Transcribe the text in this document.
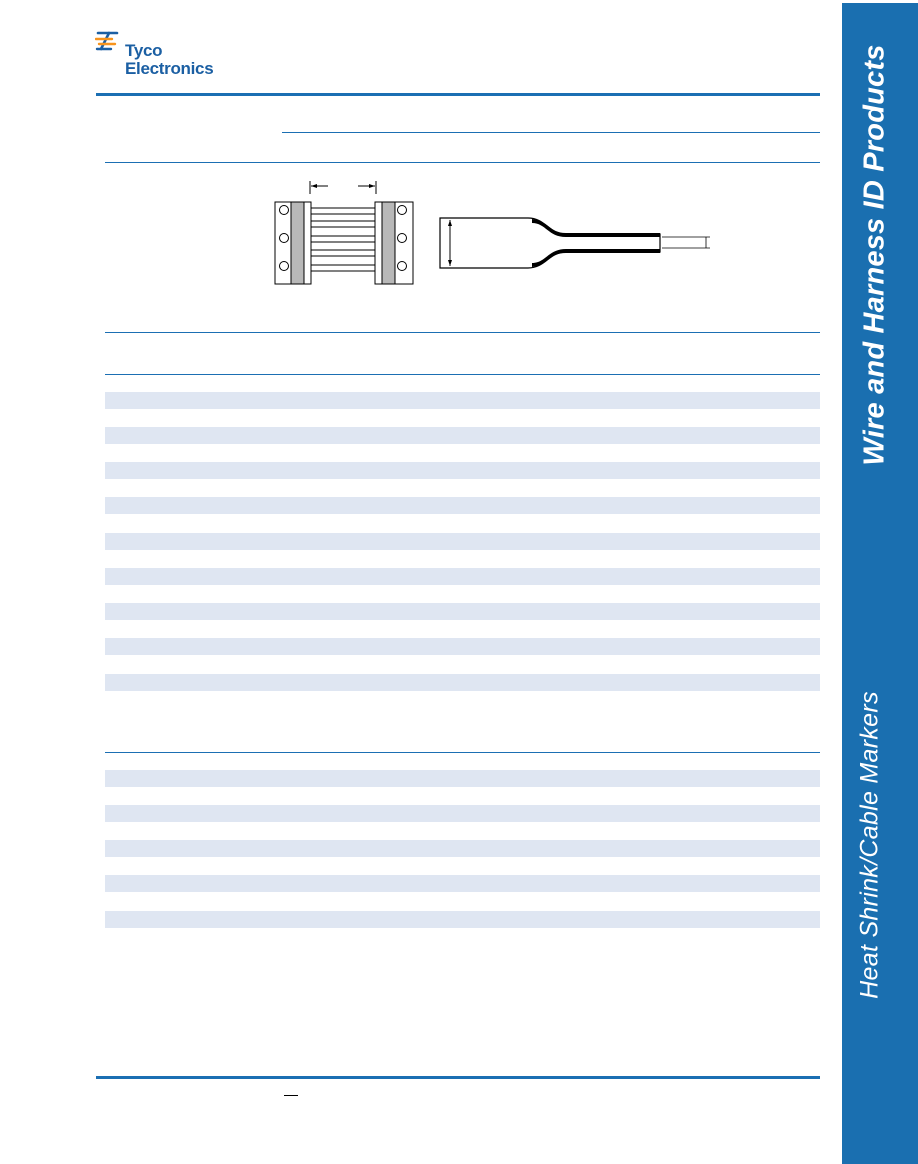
Tyco
Electronics	Wire and Harness ID Products
Heat Shrink/Cable Markers
